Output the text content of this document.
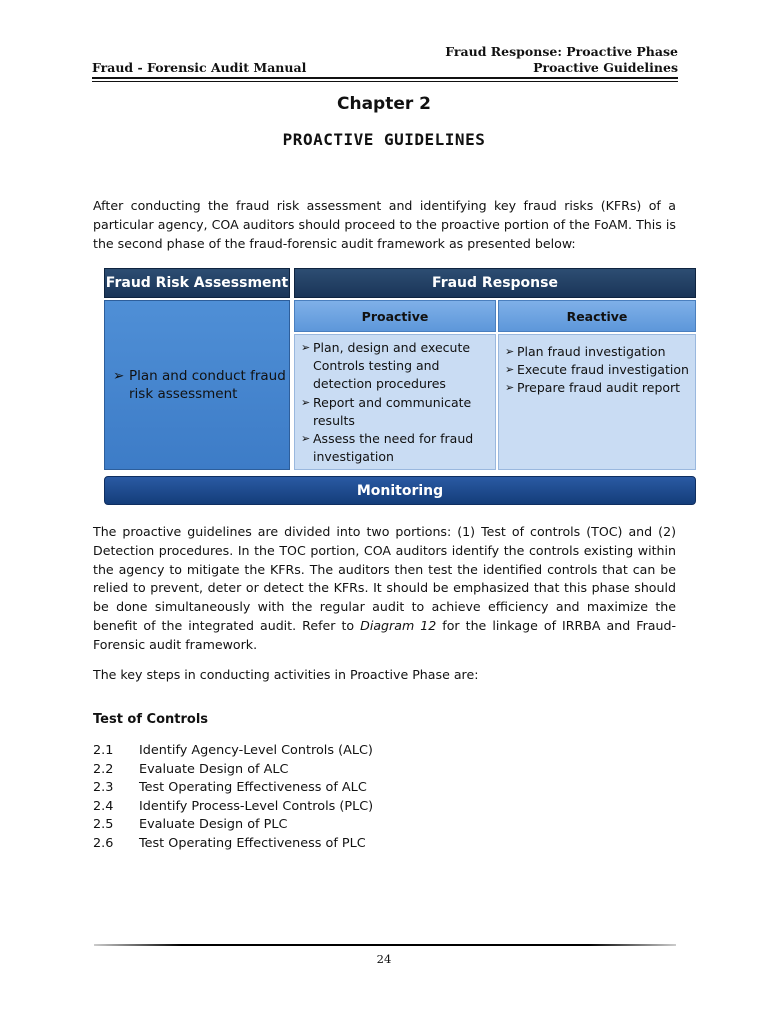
Fraud Response: Proactive Phase
Proactive Guidelines
Fraud - Forensic Audit Manual
Chapter 2
PROACTIVE GUIDELINES

After conducting the fraud risk assessment and identifying key fraud risks (KFRs) of a particular agency, COA auditors should proceed to the proactive portion of the FoAM. This is the second phase of the fraud-forensic audit framework as presented below:

Fraud Risk Assessment
➢ Plan and conduct fraud risk assessment
Fraud Response
Proactive	Reactive
➢ Plan, design and execute Controls testing and detection procedures
➢ Report and communicate results
➢ Assess the need for fraud investigation
➢ Plan fraud investigation
➢ Execute fraud investigation
➢ Prepare fraud audit report
Monitoring

The proactive guidelines are divided into two portions: (1) Test of controls (TOC) and (2) Detection procedures. In the TOC portion, COA auditors identify the controls existing within the agency to mitigate the KFRs. The auditors then test the identified controls that can be relied to prevent, deter or detect the KFRs. It should be emphasized that this phase should be done simultaneously with the regular audit to achieve efficiency and maximize the benefit of the integrated audit. Refer to Diagram 12 for the linkage of IRRBA and Fraud-Forensic audit framework.

The key steps in conducting activities in Proactive Phase are:

Test of Controls
2.1	Identify Agency-Level Controls (ALC)
2.2	Evaluate Design of ALC
2.3	Test Operating Effectiveness of ALC
2.4	Identify Process-Level Controls (PLC)
2.5	Evaluate Design of PLC
2.6	Test Operating Effectiveness of PLC
24
